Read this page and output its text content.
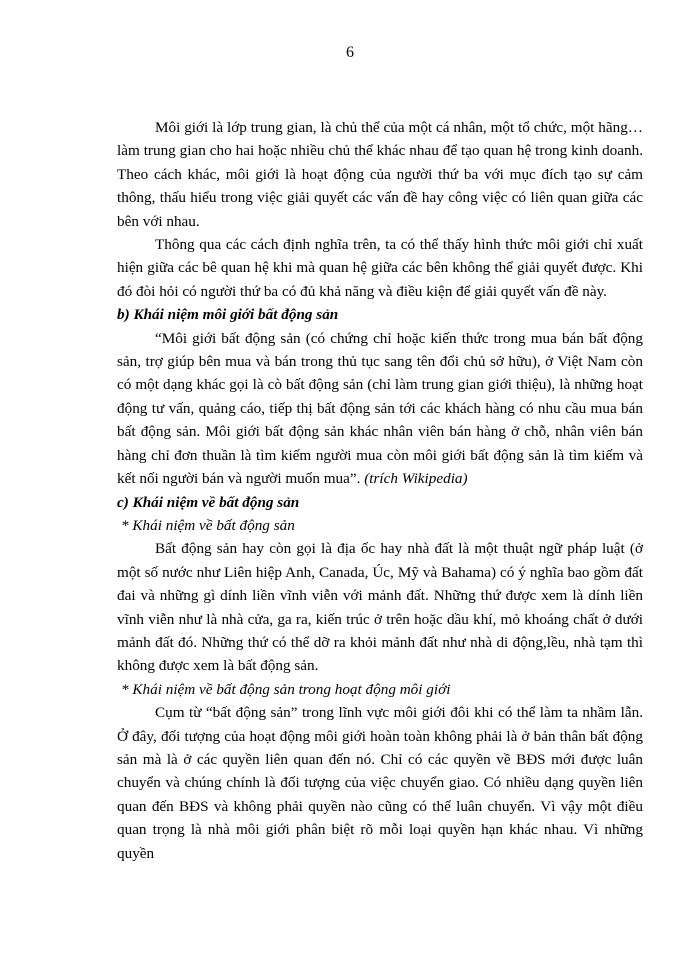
6

Môi giới là lớp trung gian, là chủ thể của một cá nhân, một tổ chức, một hãng…làm trung gian cho hai hoặc nhiều chủ thể khác nhau để tạo quan hệ trong kinh doanh. Theo cách khác, môi giới là hoạt động của người thứ ba với mục đích tạo sự cảm thông, thấu hiểu trong việc giải quyết các vấn đề hay công việc có liên quan giữa các bên với nhau.

Thông qua các cách định nghĩa trên, ta có thể thấy hình thức môi giới chỉ xuất hiện giữa các bê quan hệ khi mà quan hệ giữa các bên không thể giải quyết được. Khi đó đòi hỏi có người thứ ba có đủ khả năng và điều kiện để giải quyết vấn đề này.

b) Khái niệm môi giới bất động sản

“Môi giới bất động sản (có chứng chỉ hoặc kiến thức trong mua bán bất động sản, trợ giúp bên mua và bán trong thủ tục sang tên đổi chủ sở hữu), ở Việt Nam còn có một dạng khác gọi là cò bất động sản (chỉ làm trung gian giới thiệu), là những hoạt động tư vấn, quảng cáo, tiếp thị bất động sản tới các khách hàng có nhu cầu mua bán bất động sản. Môi giới bất động sản khác nhân viên bán hàng ở chỗ, nhân viên bán hàng chỉ đơn thuần là tìm kiếm người mua còn môi giới bất động sản là tìm kiếm và kết nối người bán và người muốn mua”. (trích Wikipedia)

c) Khái niệm về bất động sản

* Khái niệm về bất động sản

Bất động sản hay còn gọi là địa ốc hay nhà đất là một thuật ngữ pháp luật (ở một số nước như Liên hiệp Anh, Canada, Úc, Mỹ và Bahama) có ý nghĩa bao gồm đất đai và những gì dính liền vĩnh viễn với mảnh đất. Những thứ được xem là dính liền vĩnh viễn như là nhà cửa, ga ra, kiến trúc ở trên hoặc dầu khí, mỏ khoáng chất ở dưới mảnh đất đó. Những thứ có thể dỡ ra khỏi mảnh đất như nhà di động,lều, nhà tạm thì không được xem là bất động sản.

* Khái niệm về bất động sản trong hoạt động môi giới

Cụm từ “bất động sản” trong lĩnh vực môi giới đôi khi có thể làm ta nhầm lẫn. Ở đây, đối tượng của hoạt động môi giới hoàn toàn không phải là ở bản thân bất động sản mà là ở các quyền liên quan đến nó. Chỉ có các quyền về BĐS mới được luân chuyển và chúng chính là đối tượng của việc chuyển giao. Có nhiều dạng quyền liên quan đến BĐS và không phải quyền nào cũng có thể luân chuyển. Vì vậy một điều quan trọng là nhà môi giới phân biệt rõ mỗi loại quyền hạn khác nhau. Vì những quyền
